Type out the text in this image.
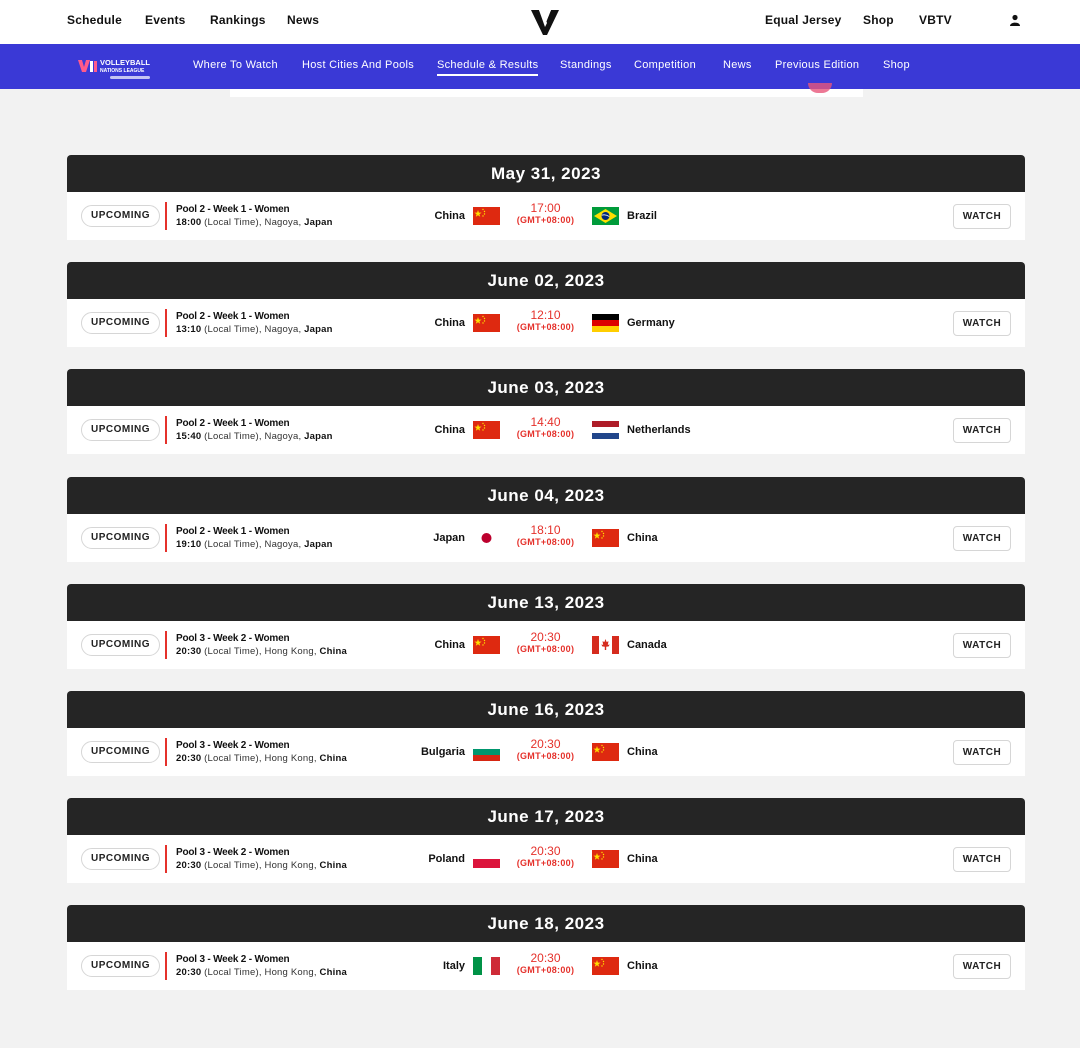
Schedule Events Rankings News	Equal Jersey Shop VBTV
VOLLEYBALL
NATIONS LEAGUE	Where To Watch Host Cities And Pools Schedule & Results Standings Competition News Previous Edition Shop
May 31, 2023
UPCOMING
Pool 2 - Week 1 - Women
18:00 (Local Time), Nagoya, Japan
China
17:00
(GMT+08:00)	Brazil	WATCH
June 02, 2023
UPCOMING
Pool 2 - Week 1 - Women
13:10 (Local Time), Nagoya, Japan
China
12:10
(GMT+08:00)	Germany	WATCH
June 03, 2023
UPCOMING
Pool 2 - Week 1 - Women
15:40 (Local Time), Nagoya, Japan
China
14:40
(GMT+08:00)	Netherlands	WATCH
June 04, 2023
UPCOMING
Pool 2 - Week 1 - Women
19:10 (Local Time), Nagoya, Japan
Japan
18:10
(GMT+08:00)	China	WATCH
June 13, 2023
UPCOMING
Pool 3 - Week 2 - Women
20:30 (Local Time), Hong Kong, China
China
20:30
(GMT+08:00)	Canada	WATCH
June 16, 2023
UPCOMING
Pool 3 - Week 2 - Women
20:30 (Local Time), Hong Kong, China
Bulgaria
20:30
(GMT+08:00)	China	WATCH
June 17, 2023
UPCOMING
Pool 3 - Week 2 - Women
20:30 (Local Time), Hong Kong, China
Poland
20:30
(GMT+08:00)	China	WATCH
June 18, 2023
UPCOMING
Pool 3 - Week 2 - Women
20:30 (Local Time), Hong Kong, China
Italy
20:30
(GMT+08:00)	China	WATCH
